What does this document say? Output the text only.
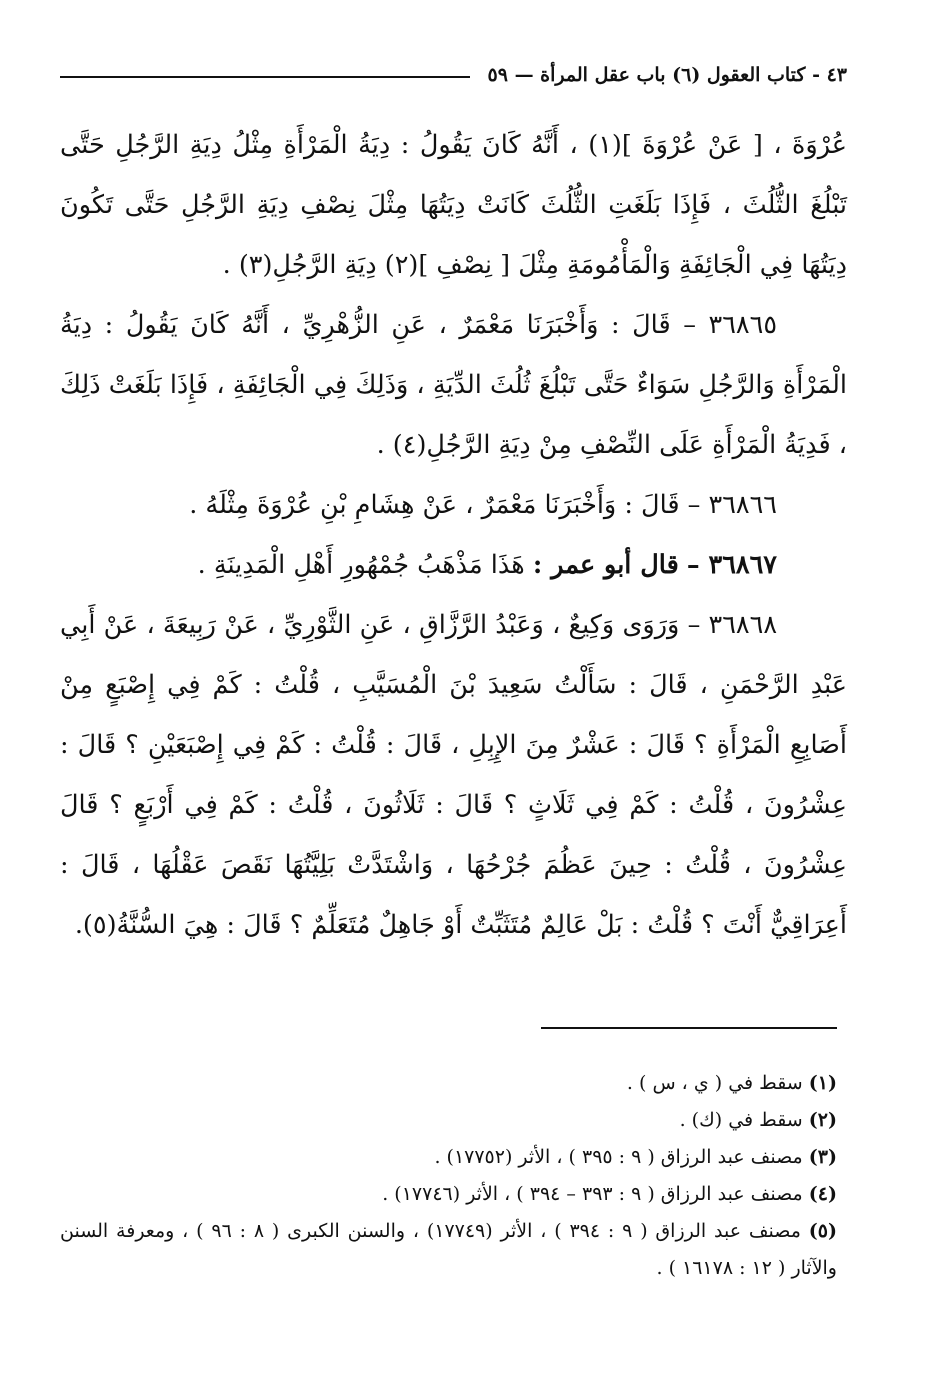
٤٣ - كتاب العقول (٦) باب عقل المرأة — ٥٩

عُرْوَةَ ، [ عَنْ عُرْوَةَ ](١) ، أَنَّهُ كَانَ يَقُولُ : دِيَةُ الْمَرْأَةِ مِثْلُ دِيَةِ الرَّجُلِ حَتَّى تَبْلُغَ الثُّلُثَ ، فَإِذَا بَلَغَتِ الثُّلُثَ كَانَتْ دِيَتُهَا مِثْلَ نِصْفِ دِيَةِ الرَّجُلِ حَتَّى تَكُونَ دِيَتُهَا فِي الْجَائِفَةِ وَالْمَأْمُومَةِ مِثْلَ [ نِصْفِ ](٢) دِيَةِ الرَّجُلِ(٣) .

٣٦٨٦٥ – قَالَ : وَأَخْبَرَنَا مَعْمَرٌ ، عَنِ الزُّهْرِيِّ ، أَنَّهُ كَانَ يَقُولُ : دِيَةُ الْمَرْأَةِ وَالرَّجُلِ سَوَاءٌ حَتَّى تَبْلُغَ ثُلُثَ الدِّيَةِ ، وَذَلِكَ فِي الْجَائِفَةِ ، فَإِذَا بَلَغَتْ ذَلِكَ ، فَدِيَةُ الْمَرْأَةِ عَلَى النِّصْفِ مِنْ دِيَةِ الرَّجُلِ(٤) .

٣٦٨٦٦ – قَالَ : وَأَخْبَرَنَا مَعْمَرٌ ، عَنْ هِشَامِ بْنِ عُرْوَةَ مِثْلَهُ .

٣٦٨٦٧ – قال أبو عمر : هَذَا مَذْهَبُ جُمْهُورِ أَهْلِ الْمَدِينَةِ .

٣٦٨٦٨ – وَرَوَى وَكِيعٌ ، وَعَبْدُ الرَّزَّاقِ ، عَنِ الثَّوْرِيِّ ، عَنْ رَبِيعَةَ ، عَنْ أَبِي عَبْدِ الرَّحْمَنِ ، قَالَ : سَأَلْتُ سَعِيدَ بْنَ الْمُسَيَّبِ ، قُلْتُ : كَمْ فِي إِصْبَعٍ مِنْ أَصَابِعِ الْمَرْأَةِ ؟ قَالَ : عَشْرٌ مِنَ الإِبِلِ ، قَالَ : قُلْتُ : كَمْ فِي إِصْبَعَيْنِ ؟ قَالَ : عِشْرُونَ ، قُلْتُ : كَمْ فِي ثَلَاثٍ ؟ قَالَ : ثَلَاثُونَ ، قُلْتُ : كَمْ فِي أَرْبَعٍ ؟ قَالَ عِشْرُونَ ، قُلْتُ : حِينَ عَظُمَ جُرْحُهَا ، وَاشْتَدَّتْ بَلِيَّتُهَا نَقَصَ عَقْلُهَا ، قَالَ : أَعِرَاقِيٌّ أَنْتَ ؟ قُلْتُ : بَلْ عَالِمٌ مُتَثَبِّتٌ أَوْ جَاهِلٌ مُتَعَلِّمٌ ؟ قَالَ : هِيَ السُّنَّةُ(٥).

(١) سقط في ( ي ، س ) .

(٢) سقط في (ك) .

(٣) مصنف عبد الرزاق ( ٩ : ٣٩٥ ) ، الأثر (١٧٧٥٢) .

(٤) مصنف عبد الرزاق ( ٩ : ٣٩٣ – ٣٩٤ ) ، الأثر (١٧٧٤٦) .

(٥) مصنف عبد الرزاق ( ٩ : ٣٩٤ ) ، الأثر (١٧٧٤٩) ، والسنن الكبرى ( ٨ : ٩٦ ) ، ومعرفة السنن والآثار ( ١٢ : ١٦١٧٨ ) .
